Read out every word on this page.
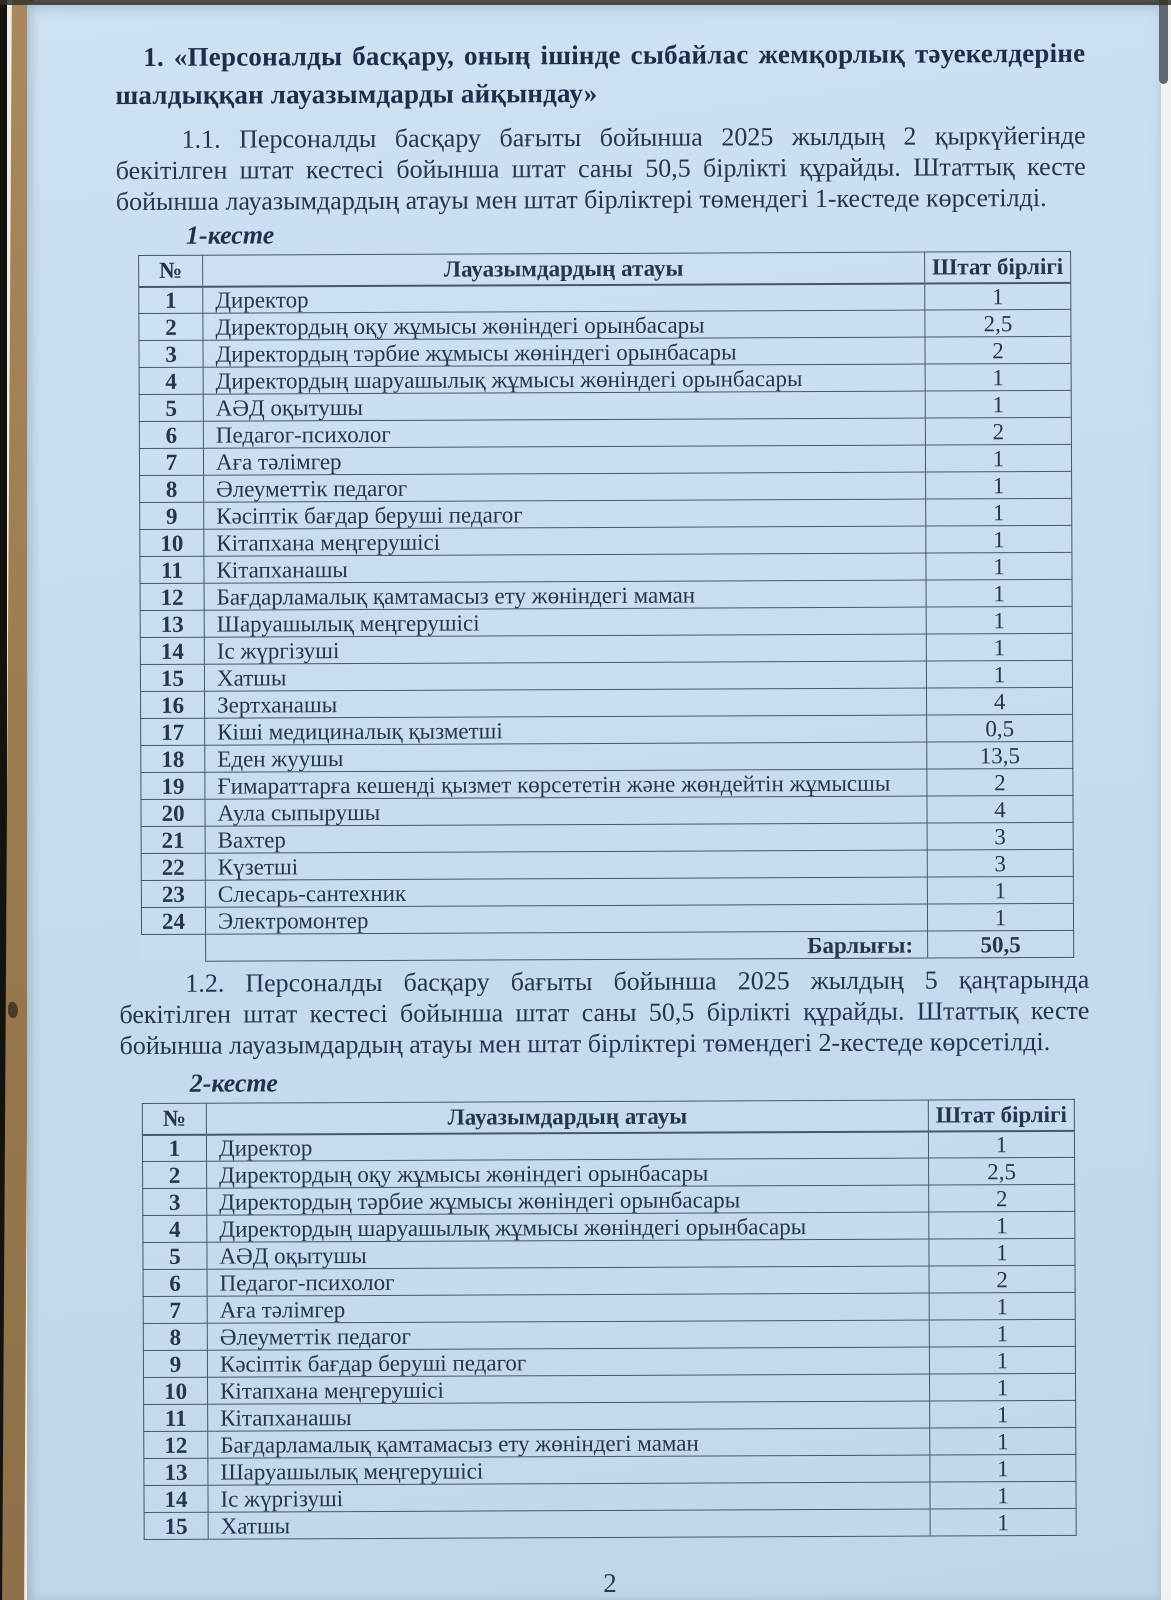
1. «Персоналды басқару, оның ішінде сыбайлас жемқорлық тәуекелдеріне шалдыққан лауазымдарды айқындау»
1.1. Персоналды басқару бағыты бойынша 2025 жылдың 2 қыркүйегінде бекітілген штат кестесі бойынша штат саны 50,5 бірлікті құрайды. Штаттық кесте бойынша лауазымдардың атауы мен штат бірліктері төмендегі 1-кестеде көрсетілді.
1-кесте
№	Лауазымдардың атауы	Штат бірлігі
1	Директор	1
2	Директордың оқу жұмысы жөніндегі орынбасары	2,5
3	Директордың тәрбие жұмысы жөніндегі орынбасары	2
4	Директордың шаруашылық жұмысы жөніндегі орынбасары	1
5	АӘД оқытушы	1
6	Педагог-психолог	2
7	Аға тәлімгер	1
8	Әлеуметтік педагог	1
9	Кәсіптік бағдар беруші педагог	1
10	Кітапхана меңгерушісі	1
11	Кітапханашы	1
12	Бағдарламалық қамтамасыз ету жөніндегі маман	1
13	Шаруашылық меңгерушісі	1
14	Іс жүргізуші	1
15	Хатшы	1
16	Зертханашы	4
17	Кіші медициналық қызметші	0,5
18	Еден жуушы	13,5
19	Ғимараттарға кешенді қызмет көрсететін және жөндейтін жұмысшы	2
20	Аула сыпырушы	4
21	Вахтер	3
22	Күзетші	3
23	Слесарь-сантехник	1
24	Электромонтер	1
	Барлығы:	50,5
1.2. Персоналды басқару бағыты бойынша 2025 жылдың 5 қаңтарында бекітілген штат кестесі бойынша штат саны 50,5 бірлікті құрайды. Штаттық кесте бойынша лауазымдардың атауы мен штат бірліктері төмендегі 2-кестеде көрсетілді.
2-кесте
№	Лауазымдардың атауы	Штат бірлігі
1	Директор	1
2	Директордың оқу жұмысы жөніндегі орынбасары	2,5
3	Директордың тәрбие жұмысы жөніндегі орынбасары	2
4	Директордың шаруашылық жұмысы жөніндегі орынбасары	1
5	АӘД оқытушы	1
6	Педагог-психолог	2
7	Аға тәлімгер	1
8	Әлеуметтік педагог	1
9	Кәсіптік бағдар беруші педагог	1
10	Кітапхана меңгерушісі	1
11	Кітапханашы	1
12	Бағдарламалық қамтамасыз ету жөніндегі маман	1
13	Шаруашылық меңгерушісі	1
14	Іс жүргізуші	1
15	Хатшы	1
2
